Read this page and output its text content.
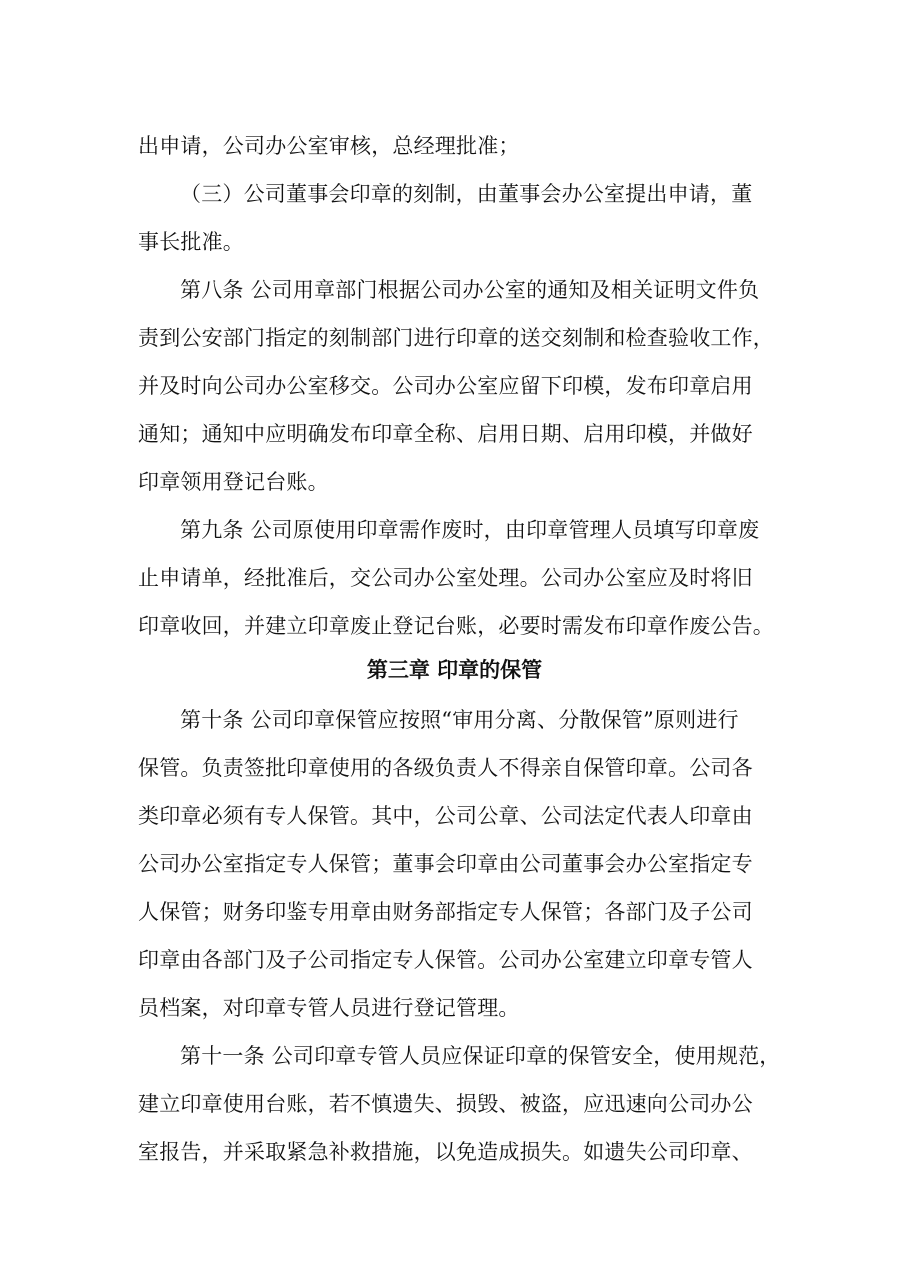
出申请，公司办公室审核，总经理批准；
（三）公司董事会印章的刻制，由董事会办公室提出申请，董
事长批准。
第八条 公司用章部门根据公司办公室的通知及相关证明文件负
责到公安部门指定的刻制部门进行印章的送交刻制和检查验收工作，
并及时向公司办公室移交。公司办公室应留下印模，发布印章启用
通知；通知中应明确发布印章全称、启用日期、启用印模，并做好
印章领用登记台账。
第九条 公司原使用印章需作废时，由印章管理人员填写印章废
止申请单，经批准后，交公司办公室处理。公司办公室应及时将旧
印章收回，并建立印章废止登记台账，必要时需发布印章作废公告。
第三章 印章的保管
第十条 公司印章保管应按照“审用分离、分散保管”原则进行
保管。负责签批印章使用的各级负责人不得亲自保管印章。公司各
类印章必须有专人保管。其中，公司公章、公司法定代表人印章由
公司办公室指定专人保管；董事会印章由公司董事会办公室指定专
人保管；财务印鉴专用章由财务部指定专人保管；各部门及子公司
印章由各部门及子公司指定专人保管。公司办公室建立印章专管人
员档案，对印章专管人员进行登记管理。
第十一条 公司印章专管人员应保证印章的保管安全，使用规范，
建立印章使用台账，若不慎遗失、损毁、被盗，应迅速向公司办公
室报告，并采取紧急补救措施，以免造成损失。如遗失公司印章、
